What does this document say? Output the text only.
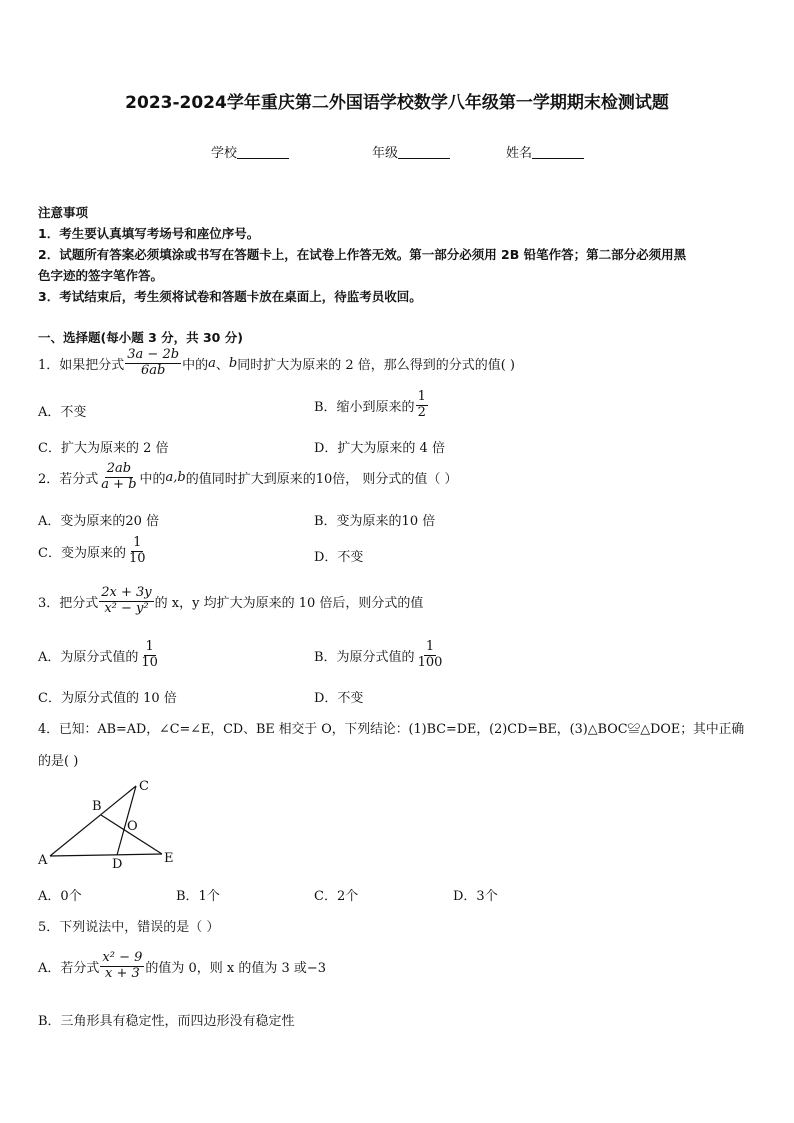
2023-2024学年重庆第二外国语学校数学八年级第一学期期末检测试题
学校	年级	姓名
注意事项
1．考生要认真填写考场号和座位序号。
2．试题所有答案必须填涂或书写在答题卡上，在试卷上作答无效。第一部分必须用 2B 铅笔作答；第二部分必须用黑
色字迹的签字笔作答。
3．考试结束后，考生须将试卷和答题卡放在桌面上，待监考员收回。
一、选择题(每小题 3 分，共 30 分)
1．如果把分式 $\frac{3a - 2b}{6ab}$ 中的 a 、 b 同时扩大为原来的 2 倍，那么得到的分式的值( )
A．不变	B．缩小到原来的 $\frac{1}{2}$
C．扩大为原来的 2 倍	D．扩大为原来的 4 倍
2．若分式 $\frac{2ab}{a + b}$ 中的 a,b 的值同时扩大到原来的10倍， 则分式的值（ ）
A．变为原来的20 倍	B．变为原来的10 倍
C．变为原来的 $\frac{1}{10}$	D．不变
3．把分式 $\frac{2x + 3y}{\text{x² − y²}}$ 的 x，y 均扩大为原来的 10 倍后，则分式的值
A．为原分式值的 $\frac{1}{10}$	B．为原分式值的 $\frac{1}{100}$
C．为原分式值的 10 倍	D．不变
4．已知：AB=AD，∠C=∠E，CD、BE 相交于 O，下列结论：(1)BC=DE，(2)CD=BE，(3)△BOC≌△DOE；其中正确
的是( )
A
B
C
D	E
O
A．0个	B．1个	C．2个	D．3个
5．下列说法中，错误的是（ ）
A．若分式 $\frac{\text{x² − 9}}{x + 3}$ 的值为 0，则 x 的值为 3 或−3
B．三角形具有稳定性，而四边形没有稳定性
